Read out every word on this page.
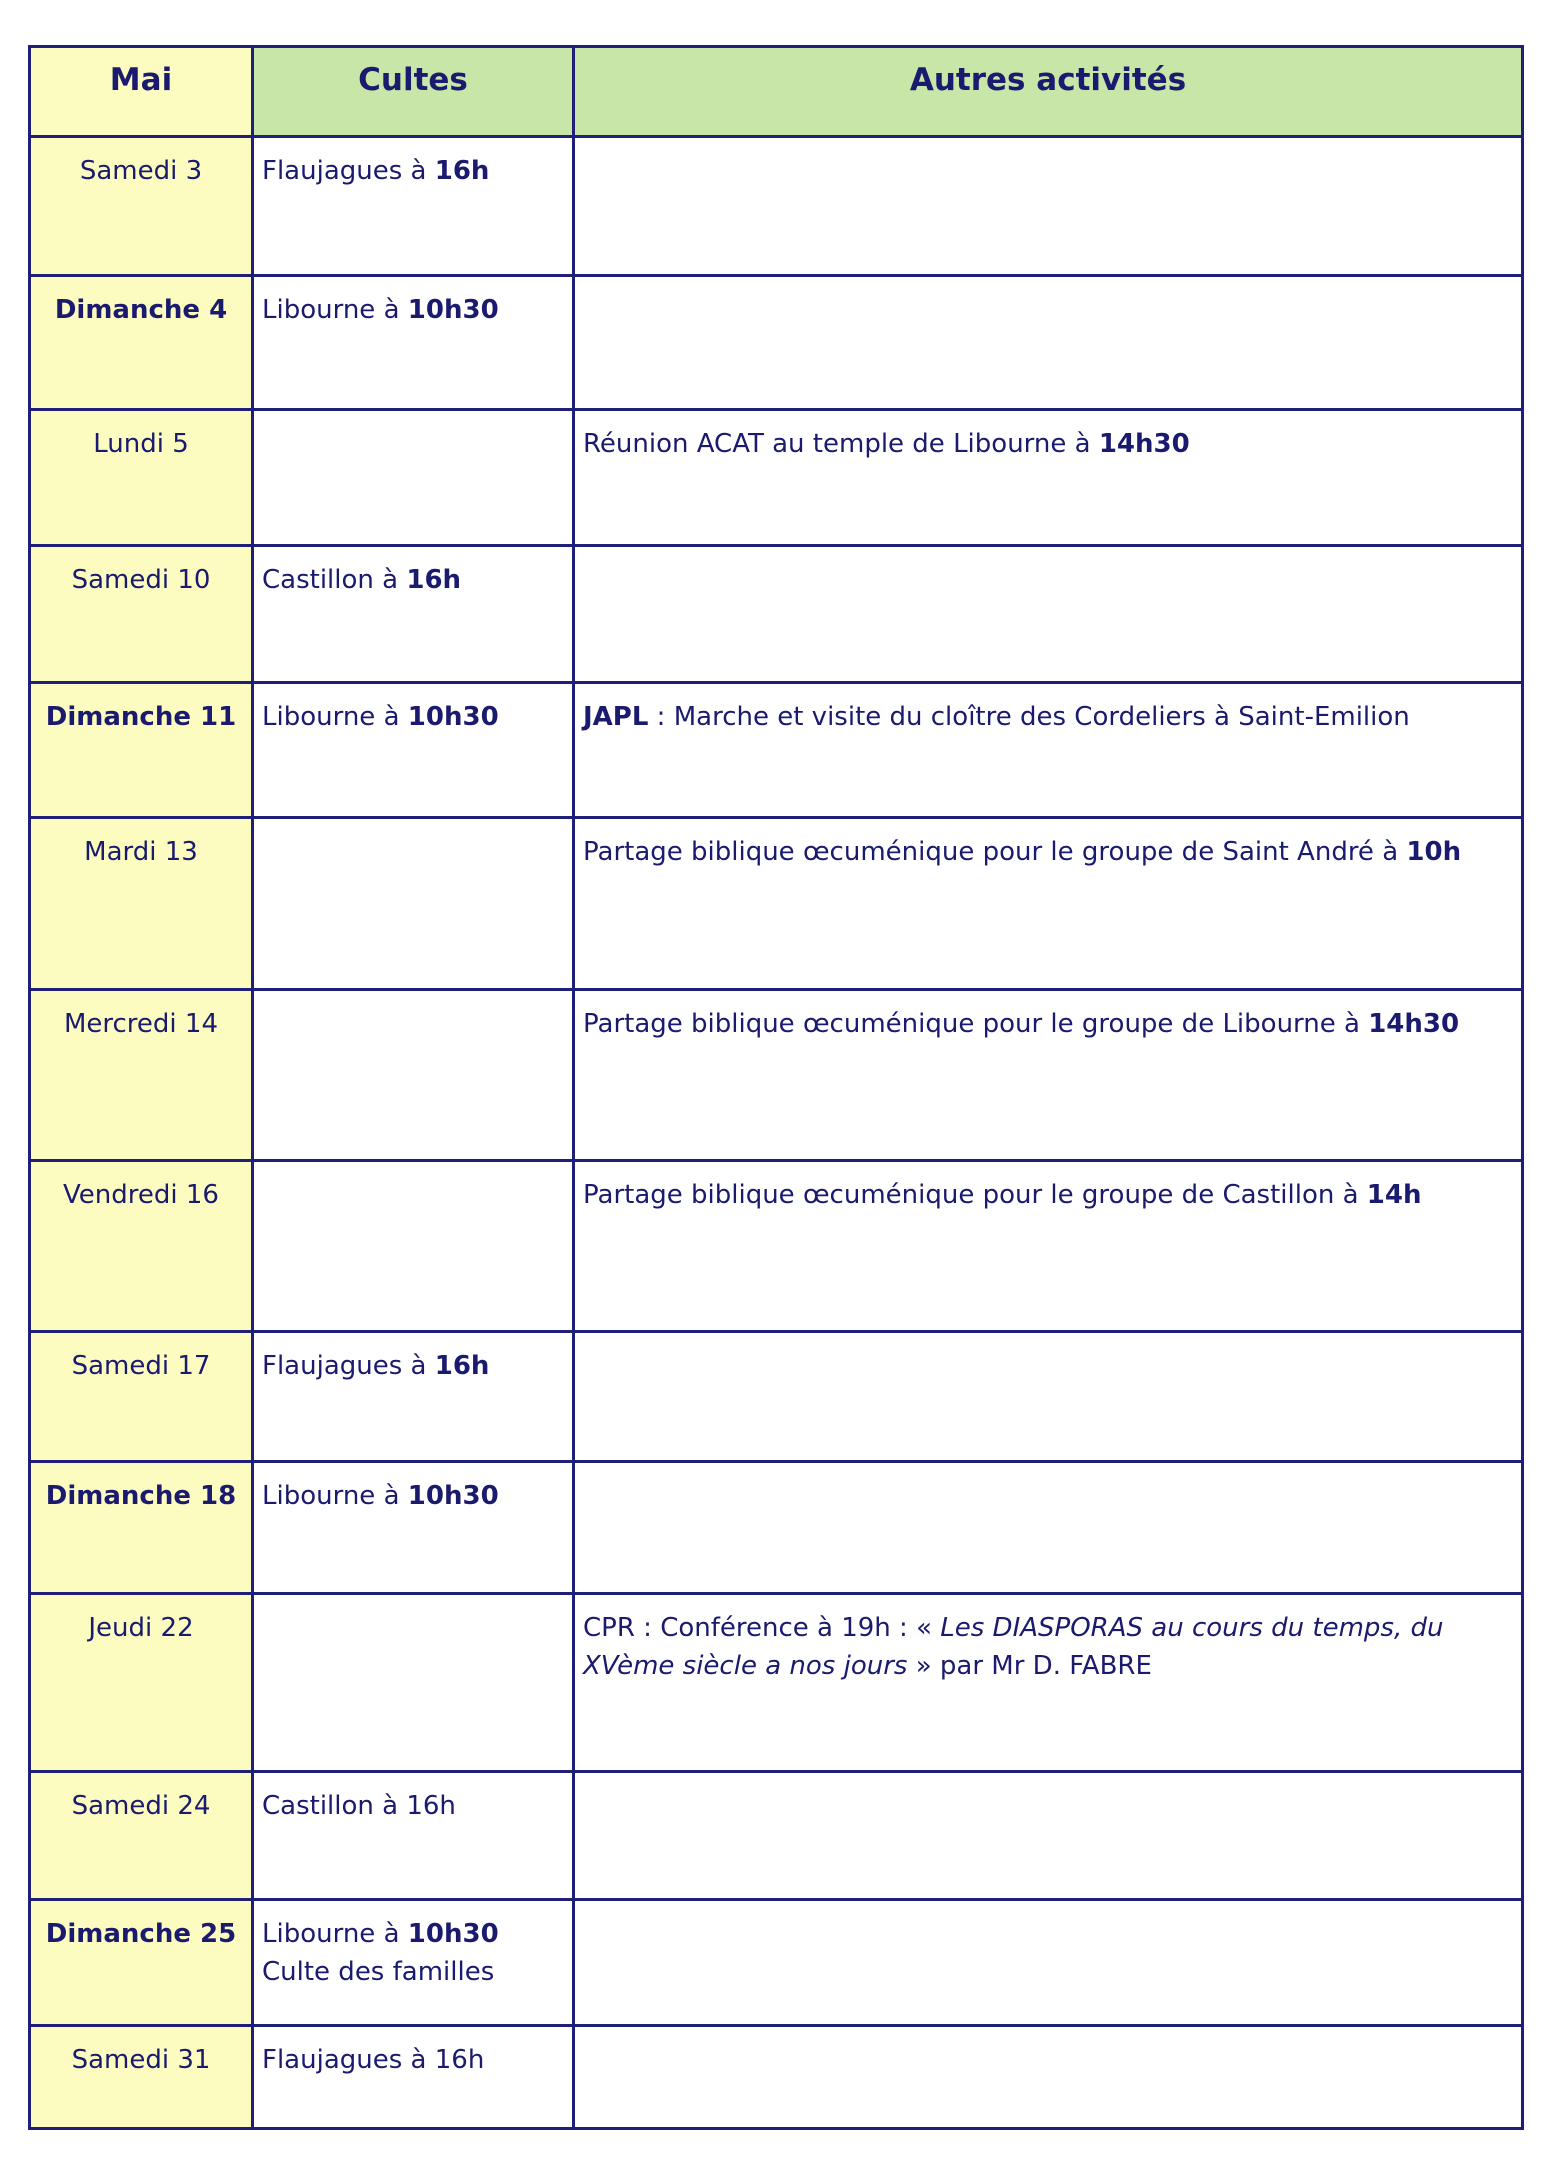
Mai	Cultes	Autres activités
Samedi 3	Flaujagues à 16h	
Dimanche 4	Libourne à 10h30	
Lundi 5		Réunion ACAT au temple de Libourne à 14h30
Samedi 10	Castillon à 16h	
Dimanche 11	Libourne à 10h30	JAPL : Marche et visite du cloître des Cordeliers à Saint-Emilion
Mardi 13		Partage biblique œcuménique pour le groupe de Saint André à 10h
Mercredi 14		Partage biblique œcuménique pour le groupe de Libourne à 14h30
Vendredi 16		Partage biblique œcuménique pour le groupe de Castillon à 14h
Samedi 17	Flaujagues à 16h	
Dimanche 18	Libourne à 10h30	
Jeudi 22		CPR : Conférence à 19h : « Les DIASPORAS au cours du temps, du XVème siècle a nos jours » par Mr D. FABRE
Samedi 24	Castillon à 16h	
Dimanche 25	Libourne à 10h30
Culte des familles	
Samedi 31	Flaujagues à 16h	
